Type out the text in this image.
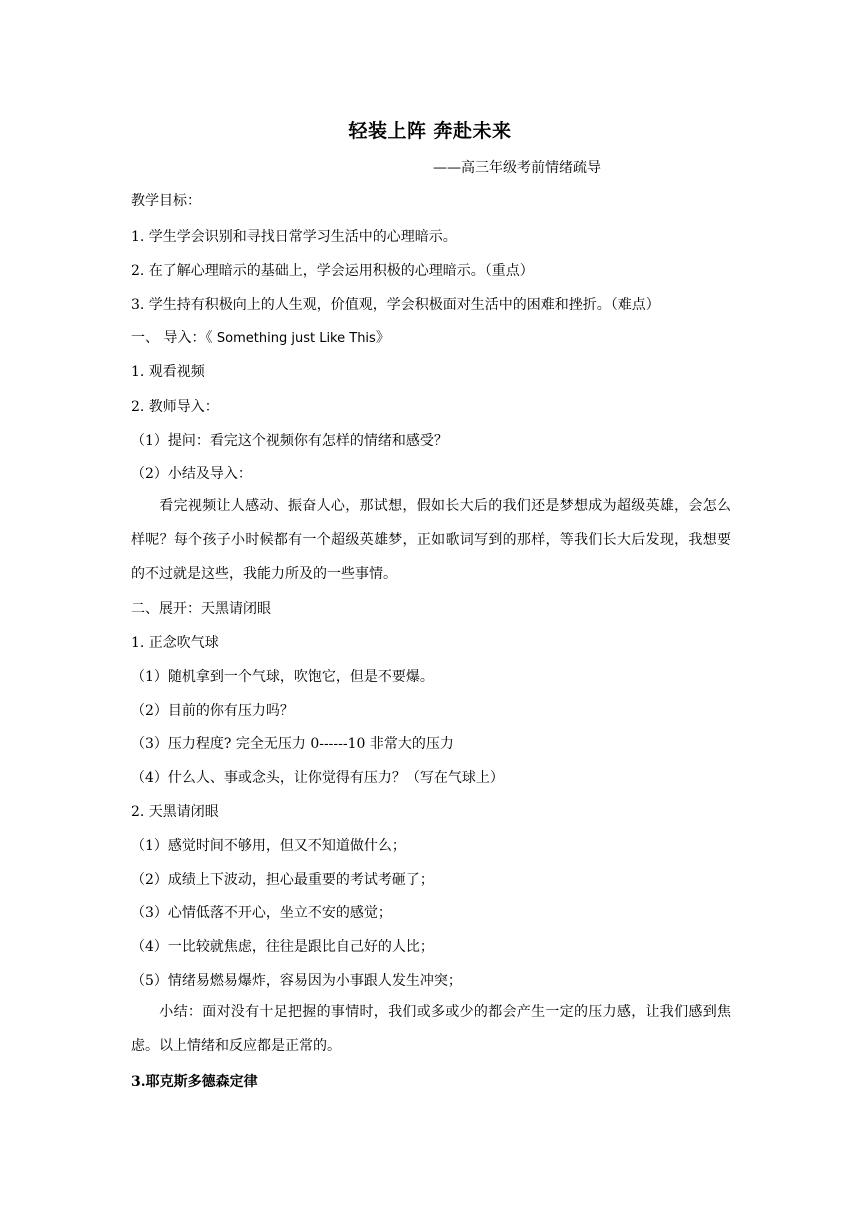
轻装上阵 奔赴未来
——高三年级考前情绪疏导
教学目标：
1. 学生学会识别和寻找日常学习生活中的心理暗示。
2. 在了解心理暗示的基础上，学会运用积极的心理暗示。（重点）
3. 学生持有积极向上的人生观，价值观，学会积极面对生活中的困难和挫折。（难点）
一、 导入：《 Something just Like This》
1. 观看视频
2. 教师导入：
（1）提问：看完这个视频你有怎样的情绪和感受？
（2）小结及导入：
看完视频让人感动、振奋人心，那试想，假如长大后的我们还是梦想成为超级英雄，会怎么样呢？每个孩子小时候都有一个超级英雄梦，正如歌词写到的那样，等我们长大后发现，我想要的不过就是这些，我能力所及的一些事情。
二、展开：天黑请闭眼
1. 正念吹气球
（1）随机拿到一个气球，吹饱它，但是不要爆。
（2）目前的你有压力吗？
（3）压力程度? 完全无压力 0------10 非常大的压力
（4）什么人、事或念头，让你觉得有压力？（写在气球上）
2. 天黑请闭眼
（1）感觉时间不够用，但又不知道做什么；
（2）成绩上下波动，担心最重要的考试考砸了；
（3）心情低落不开心，坐立不安的感觉；
（4）一比较就焦虑，往往是跟比自己好的人比；
（5）情绪易燃易爆炸，容易因为小事跟人发生冲突；
小结：面对没有十足把握的事情时，我们或多或少的都会产生一定的压力感，让我们感到焦虑。以上情绪和反应都是正常的。
3.耶克斯多德森定律
